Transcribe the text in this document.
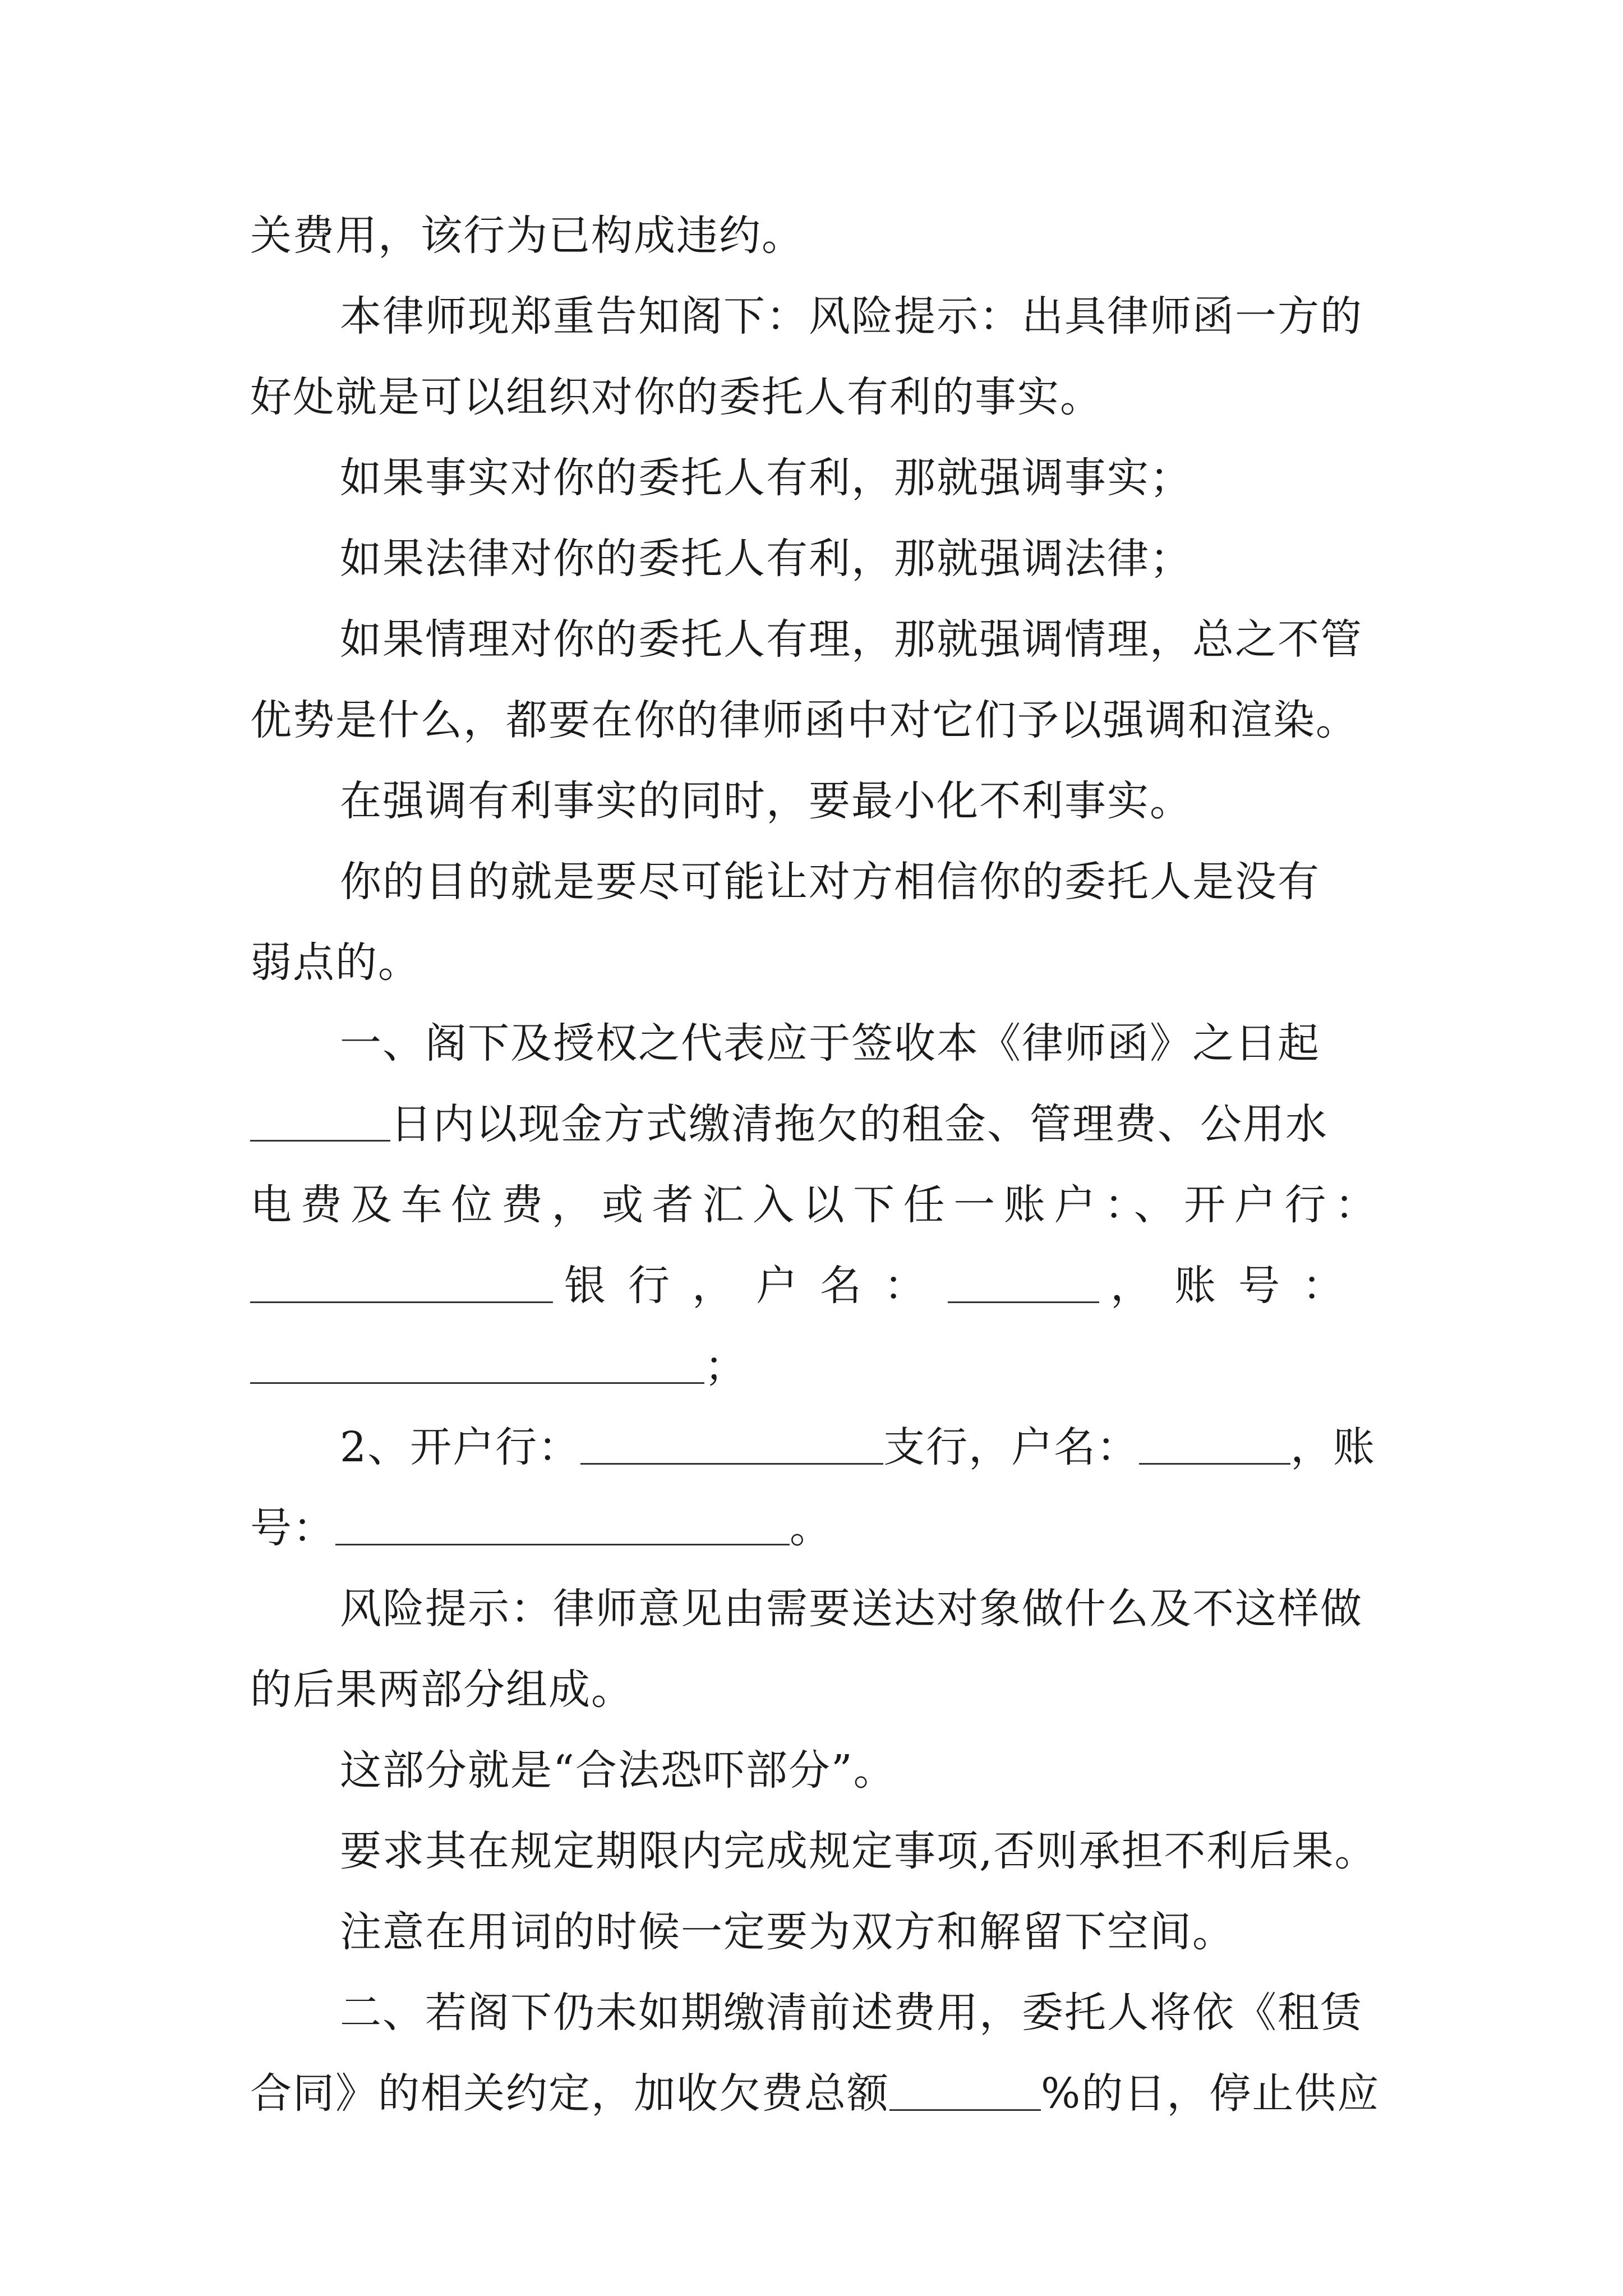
关费用，该行为已构成违约。
本律师现郑重告知阁下：风险提示：出具律师函一方的
好处就是可以组织对你的委托人有利的事实。
如果事实对你的委托人有利，那就强调事实；
如果法律对你的委托人有利，那就强调法律；
如果情理对你的委托人有理，那就强调情理，总之不管
优势是什么，都要在你的律师函中对它们予以强调和渲染。
在强调有利事实的同时，要最小化不利事实。
你的目的就是要尽可能让对方相信你的委托人是没有
弱点的。
一、阁下及授权之代表应于签收本《律师函》之日起
日内以现金方式缴清拖欠的租金、管理费、公用水
电费及车位费，或者汇入以下任一账户：、开户行：
银行，户名：	，账号：
；
2、开户行：	支行，户名：	，账
号：	。
风险提示：律师意见由需要送达对象做什么及不这样做
的后果两部分组成。
这部分就是“合法恐吓部分”。
要求其在规定期限内完成规定事项,否则承担不利后果。
注意在用词的时候一定要为双方和解留下空间。
二、若阁下仍未如期缴清前述费用，委托人将依《租赁
合同》的相关约定，加收欠费总额	%的日，停止供应
